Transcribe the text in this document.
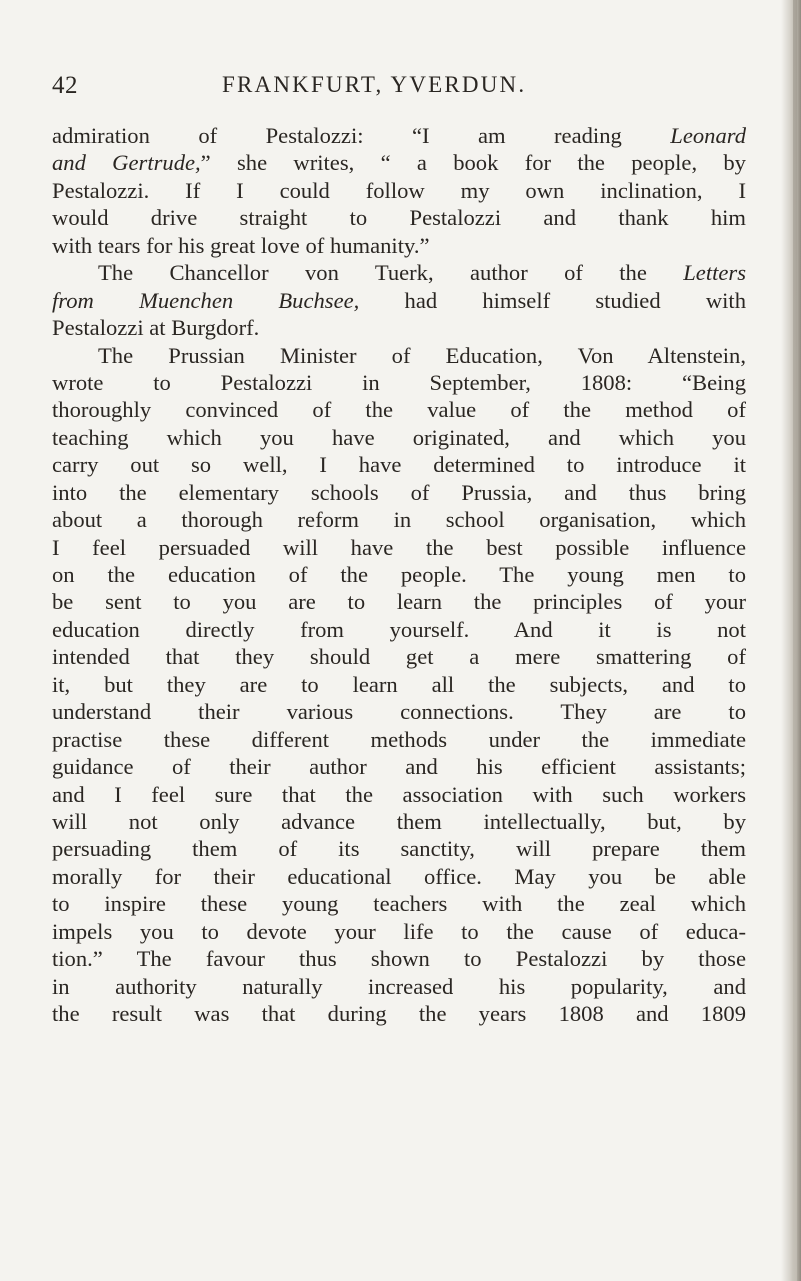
42	FRANKFURT, YVERDUN.
admiration of Pestalozzi: “I am reading Leonard
and Gertrude,” she writes, “ a book for the people, by
Pestalozzi. If I could follow my own inclination, I
would drive straight to Pestalozzi and thank him
with tears for his great love of humanity.”
The Chancellor von Tuerk, author of the Letters
from Muenchen Buchsee, had himself studied with
Pestalozzi at Burgdorf.
The Prussian Minister of Education, Von Altenstein,
wrote to Pestalozzi in September, 1808: “Being
thoroughly convinced of the value of the method of
teaching which you have originated, and which you
carry out so well, I have determined to introduce it
into the elementary schools of Prussia, and thus bring
about a thorough reform in school organisation, which
I feel persuaded will have the best possible influence
on the education of the people. The young men to
be sent to you are to learn the principles of your
education directly from yourself. And it is not
intended that they should get a mere smattering of
it, but they are to learn all the subjects, and to
understand their various connections. They are to
practise these different methods under the immediate
guidance of their author and his efficient assistants;
and I feel sure that the association with such workers
will not only advance them intellectually, but, by
persuading them of its sanctity, will prepare them
morally for their educational office. May you be able
to inspire these young teachers with the zeal which
impels you to devote your life to the cause of educa-
tion.” The favour thus shown to Pestalozzi by those
in authority naturally increased his popularity, and
the result was that during the years 1808 and 1809
